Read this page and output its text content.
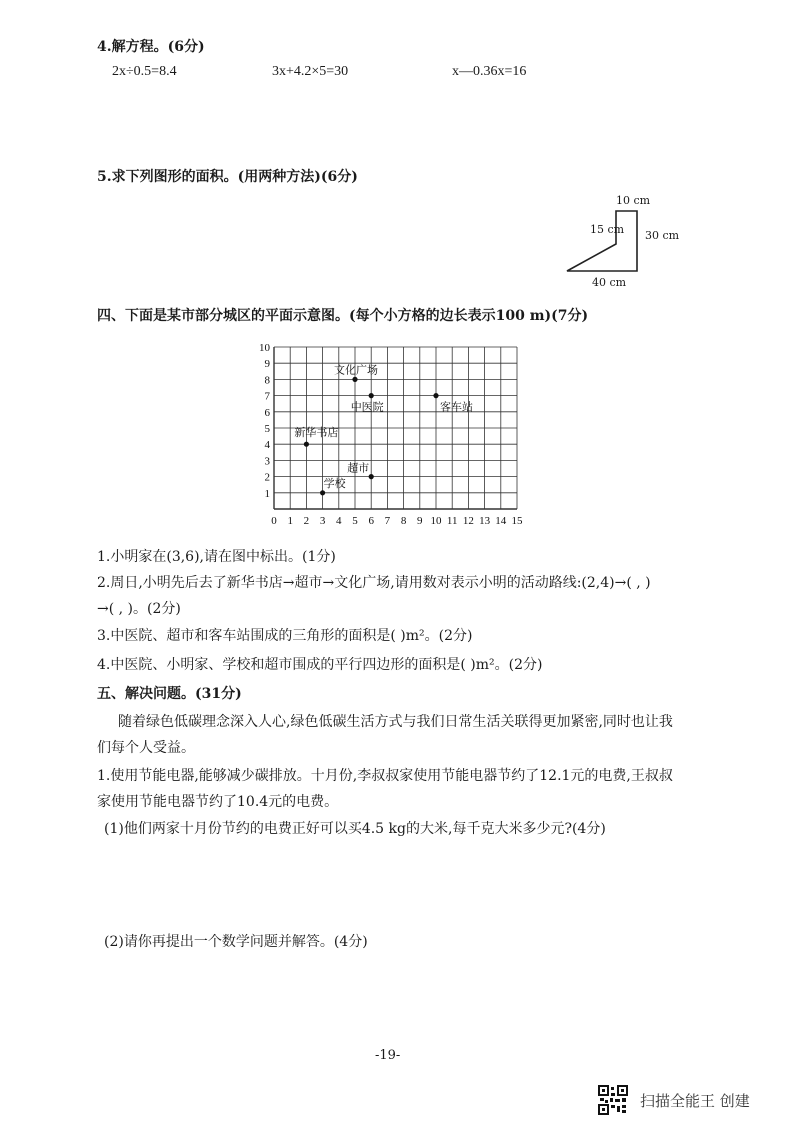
4.解方程。(6分)
2x÷0.5=8.4	3x+4.2×5=30	x—0.36x=16
5.求下列图形的面积。(用两种方法)(6分)
10 cm
15 cm 30 cm
40 cm
四、下面是某市部分城区的平面示意图。(每个小方格的边长表示100 m)(7分)
0 1 2 3 4 5 6 7 8 9 10 11 12 13 14 15
1
2
3
4
5
6
7
8
9
10
文化广场
中医院	客车站
新华书店
超市
学校
1.小明家在(3,6),请在图中标出。(1分)
2.周日,小明先后去了新华书店→超市→文化广场,请用数对表示小明的活动路线:(2,4)→( , )
→( , )。(2分)
3.中医院、超市和客车站围成的三角形的面积是( )m²。(2分)
4.中医院、小明家、学校和超市围成的平行四边形的面积是( )m²。(2分)
五、解决问题。(31分)
随着绿色低碳理念深入人心,绿色低碳生活方式与我们日常生活关联得更加紧密,同时也让我
们每个人受益。
1.使用节能电器,能够减少碳排放。十月份,李叔叔家使用节能电器节约了12.1元的电费,王叔叔
家使用节能电器节约了10.4元的电费。
(1)他们两家十月份节约的电费正好可以买4.5 kg的大米,每千克大米多少元?(4分)
(2)请你再提出一个数学问题并解答。(4分)
-19-
扫描全能王 创建
